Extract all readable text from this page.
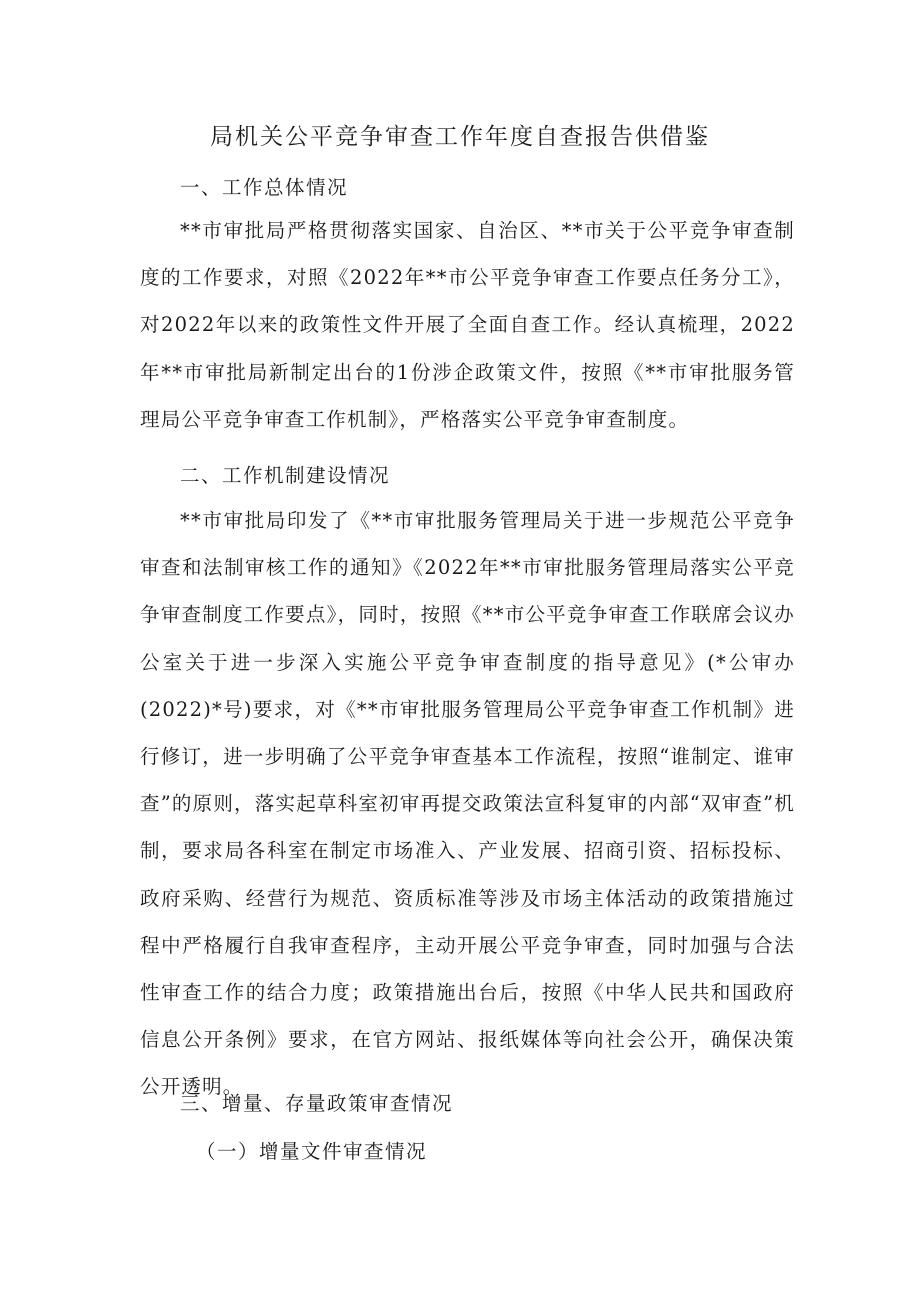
局机关公平竞争审查工作年度自查报告供借鉴
一、工作总体情况

**市审批局严格贯彻落实国家、自治区、**市关于公平竞争审查制度的工作要求，对照《2022年**市公平竞争审查工作要点任务分工》，对2022年以来的政策性文件开展了全面自查工作。经认真梳理，2022年**市审批局新制定出台的1份涉企政策文件，按照《**市审批服务管理局公平竞争审查工作机制》，严格落实公平竞争审查制度。

二、工作机制建设情况

**市审批局印发了《**市审批服务管理局关于进一步规范公平竞争审查和法制审核工作的通知》《2022年**市审批服务管理局落实公平竞争审查制度工作要点》，同时，按照《**市公平竞争审查工作联席会议办公室关于进一步深入实施公平竞争审查制度的指导意见》(*公审办(2022)*号)要求，对《**市审批服务管理局公平竞争审查工作机制》进行修订，进一步明确了公平竞争审查基本工作流程，按照“谁制定、谁审查”的原则，落实起草科室初审再提交政策法宣科复审的内部“双审查”机制，要求局各科室在制定市场准入、产业发展、招商引资、招标投标、政府采购、经营行为规范、资质标准等涉及市场主体活动的政策措施过程中严格履行自我审查程序，主动开展公平竞争审查，同时加强与合法性审查工作的结合力度；政策措施出台后，按照《中华人民共和国政府信息公开条例》要求，在官方网站、报纸媒体等向社会公开，确保决策公开透明。

三、增量、存量政策审查情况
（一）增量文件审查情况
